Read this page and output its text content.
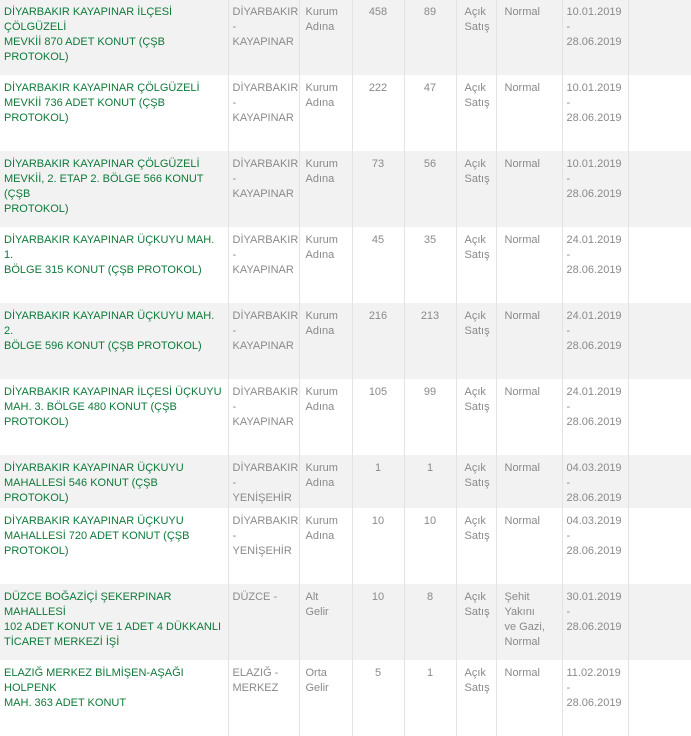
DİYARBAKIR KAYAPINAR İLÇESİ ÇÖLGÜZELİ
MEVKİİ 870 ADET KONUT (ÇŞB PROTOKOL)	DİYARBAKIR
-
KAYAPINAR	Kurum
Adına	458	89	Açık
Satış	Normal	10.01.2019
-
28.06.2019	

DİYARBAKIR KAYAPINAR ÇÖLGÜZELİ
MEVKİİ 736 ADET KONUT (ÇŞB PROTOKOL)	DİYARBAKIR
-
KAYAPINAR	Kurum
Adına	222	47	Açık
Satış	Normal	10.01.2019
-
28.06.2019	

DİYARBAKIR KAYAPINAR ÇÖLGÜZELİ
MEVKİİ, 2. ETAP 2. BÖLGE 566 KONUT (ÇŞB
PROTOKOL)	DİYARBAKIR
-
KAYAPINAR	Kurum
Adına	73	56	Açık
Satış	Normal	10.01.2019
-
28.06.2019	

DİYARBAKIR KAYAPINAR ÜÇKUYU MAH. 1.
BÖLGE 315 KONUT (ÇŞB PROTOKOL)	DİYARBAKIR
-
KAYAPINAR	Kurum
Adına	45	35	Açık
Satış	Normal	24.01.2019
-
28.06.2019	

DİYARBAKIR KAYAPINAR ÜÇKUYU MAH. 2.
BÖLGE 596 KONUT (ÇŞB PROTOKOL)	DİYARBAKIR
-
KAYAPINAR	Kurum
Adına	216	213	Açık
Satış	Normal	24.01.2019
-
28.06.2019	

DİYARBAKIR KAYAPINAR İLÇESİ ÜÇKUYU
MAH. 3. BÖLGE 480 KONUT (ÇŞB
PROTOKOL)	DİYARBAKIR
-
KAYAPINAR	Kurum
Adına	105	99	Açık
Satış	Normal	24.01.2019
-
28.06.2019	

DİYARBAKIR KAYAPINAR ÜÇKUYU
MAHALLESİ 546 KONUT (ÇŞB PROTOKOL)	DİYARBAKIR
- YENİŞEHİR	Kurum
Adına	1	1	Açık
Satış	Normal	04.03.2019
-
28.06.2019	

DİYARBAKIR KAYAPINAR ÜÇKUYU
MAHALLESİ 720 ADET KONUT (ÇŞB
PROTOKOL)	DİYARBAKIR
- YENİŞEHİR	Kurum
Adına	10	10	Açık
Satış	Normal	04.03.2019
-
28.06.2019	

DÜZCE BOĞAZİÇİ ŞEKERPINAR MAHALLESİ
102 ADET KONUT VE 1 ADET 4 DÜKKANLI
TİCARET MERKEZİ İŞİ	DÜZCE -	Alt
Gelir	10	8	Açık
Satış	Şehit Yakını
ve Gazi,
Normal	30.01.2019
-
28.06.2019	

ELAZIĞ MERKEZ BİLMİŞEN-AŞAĞI HOLPENK
MAH. 363 ADET KONUT	ELAZIĞ -
MERKEZ	Orta
Gelir	5	1	Açık
Satış	Normal	11.02.2019
-
28.06.2019	
